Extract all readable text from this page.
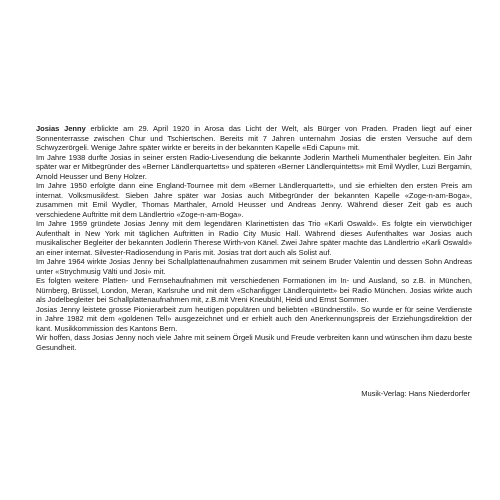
Josias Jenny erblickte am 29. April 1920 in Arosa das Licht der Welt, als Bürger von Praden. Praden liegt auf einer Sonnenterrasse zwischen Chur und Tschiertschen. Bereits mit 7 Jahren unternahm Josias die ersten Versuche auf dem Schwyzerörgeli. Wenige Jahre später wirkte er bereits in der bekannten Kapelle «Edi Capun» mit.

Im Jahre 1938 durfte Josias in seiner ersten Radio-Livesendung die bekannte Jodlerin Martheli Mumenthaler begleiten. Ein Jahr später war er Mitbegründer des «Berner Ländlerquartetts» und späteren «Berner Ländlerquintetts» mit Emil Wydler, Luzi Bergamin, Arnold Heusser und Beny Holzer.

Im Jahre 1950 erfolgte dann eine England-Tournee mit dem «Berner Ländlerquartett», und sie erhielten den ersten Preis am internat. Volksmusikfest. Sieben Jahre später war Josias auch Mitbegründer der bekannten Kapelle «Zoge-n-am-Boga», zusammen mit Emil Wydler, Thomas Marthaler, Arnold Heusser und Andreas Jenny. Während dieser Zeit gab es auch verschiedene Auftritte mit dem Ländlertrio «Zoge-n-am-Boga».

Im Jahre 1959 gründete Josias Jenny mit dem legendären Klarinettisten das Trio «Karli Oswald». Es folgte ein vierwöchiger Aufenthalt in New York mit täglichen Auftritten in Radio City Music Hall. Während dieses Aufenthaltes war Josias auch musikalischer Begleiter der bekannten Jodlerin Therese Wirth-von Känel. Zwei Jahre später machte das Ländlertrio «Karli Oswald» an einer internat. Silvester-Radiosendung in Paris mit. Josias trat dort auch als Solist auf.

Im Jahre 1964 wirkte Josias Jenny bei Schallplattenaufnahmen zusammen mit seinem Bruder Valentin und dessen Sohn Andreas unter «Strychmusig Välti und Josi» mit.

Es folgten weitere Platten- und Fernsehaufnahmen mit verschiedenen Formationen im In- und Ausland, so z.B. in München, Nürnberg, Brüssel, London, Meran, Karlsruhe und mit dem «Schanfigger Ländlerquintett» bei Radio München. Josias wirkte auch als Jodelbegleiter bei Schallplattenaufnahmen mit, z.B.mit Vreni Kneubühl, Heidi und Ernst Sommer.

Josias Jenny leistete grosse Pionierarbeit zum heutigen populären und beliebten «Bündnerstil». So wurde er für seine Verdienste in Jahre 1982 mit dem «goldenen Tell» ausgezeichnet und er erhielt auch den Anerkennungspreis der Erziehungsdirektion der kant. Musikkommission des Kantons Bern.

Wir hoffen, dass Josias Jenny noch viele Jahre mit seinem Örgeli Musik und Freude verbreiten kann und wünschen ihm dazu beste Gesundheit.

Musik-Verlag: Hans Niederdorfer
